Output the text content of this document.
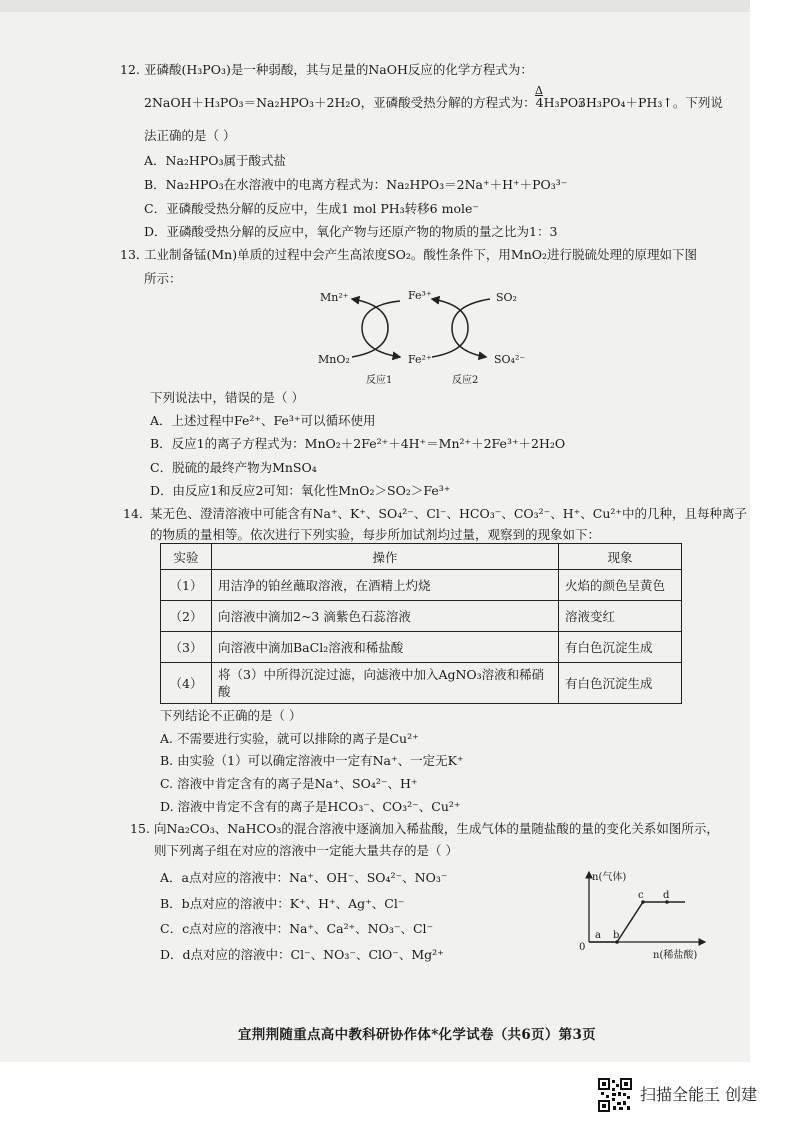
12. 亚磷酸(H₃PO₃)是一种弱酸，其与足量的NaOH反应的化学方程式为：
2NaOH＋H₃PO₃＝Na₂HPO₃＋2H₂O，亚磷酸受热分解的方程式为：4H₃PO₃
Δ
3H₃PO₄＋PH₃↑。下列说
法正确的是（ ）
A．Na₂HPO₃属于酸式盐
B．Na₂HPO₃在水溶液中的电离方程式为：Na₂HPO₃＝2Na⁺＋H⁺＋PO₃³⁻
C．亚磷酸受热分解的反应中，生成1 mol PH₃转移6 mole⁻
D．亚磷酸受热分解的反应中，氧化产物与还原产物的物质的量之比为1：3
13．
工业制备锰(Mn)单质的过程中会产生高浓度SO₂。酸性条件下，用MnO₂进行脱硫处理的原理如下图
所示：
Mn²⁺	Fe³⁺	SO₂
MnO₂	Fe²⁺	SO₄²⁻
反应1	反应2
下列说法中，错误的是（ ）
A．上述过程中Fe²⁺、Fe³⁺可以循环使用
B．反应1的离子方程式为：MnO₂＋2Fe²⁺＋4H⁺＝Mn²⁺＋2Fe³⁺＋2H₂O
C．脱硫的最终产物为MnSO₄
D．由反应1和反应2可知：氧化性MnO₂＞SO₂＞Fe³⁺
14．
某无色、澄清溶液中可能含有Na⁺、K⁺、SO₄²⁻、Cl⁻、HCO₃⁻、CO₃²⁻、H⁺、Cu²⁺中的几种，且每种离子
的物质的量相等。依次进行下列实验，每步所加试剂均过量，观察到的现象如下：
实验	操作	现象
（1）	用洁净的铂丝蘸取溶液，在酒精上灼烧	火焰的颜色呈黄色
（2）	向溶液中滴加2~3 滴紫色石蕊溶液	溶液变红
（3）	向溶液中滴加BaCl₂溶液和稀盐酸	有白色沉淀生成
（4）	将（3）中所得沉淀过滤，向滤液中加入AgNO₃溶液和稀硝酸	有白色沉淀生成
下列结论不正确的是（ ）
A. 不需要进行实验，就可以排除的离子是Cu²⁺
B. 由实验（1）可以确定溶液中一定有Na⁺、一定无K⁺
C. 溶液中肯定含有的离子是Na⁺、SO₄²⁻、H⁺
D. 溶液中肯定不含有的离子是HCO₃⁻、CO₃²⁻、Cu²⁺
15. 向Na₂CO₃、NaHCO₃的混合溶液中逐滴加入稀盐酸，生成气体的量随盐酸的量的变化关系如图所示，
则下列离子组在对应的溶液中一定能大量共存的是（ ）
A．a点对应的溶液中：Na⁺、OH⁻、SO₄²⁻、NO₃⁻
B．b点对应的溶液中：K⁺、H⁺、Ag⁺、Cl⁻
C．c点对应的溶液中：Na⁺、Ca²⁺、NO₃⁻、Cl⁻
D．d点对应的溶液中：Cl⁻、NO₃⁻、ClO⁻、Mg²⁺
n(气体)
n(稀盐酸)
0
a b
c d
宜荆荆随重点高中教科研协作体*化学试卷（共6页）第3页
扫描全能王 创建
